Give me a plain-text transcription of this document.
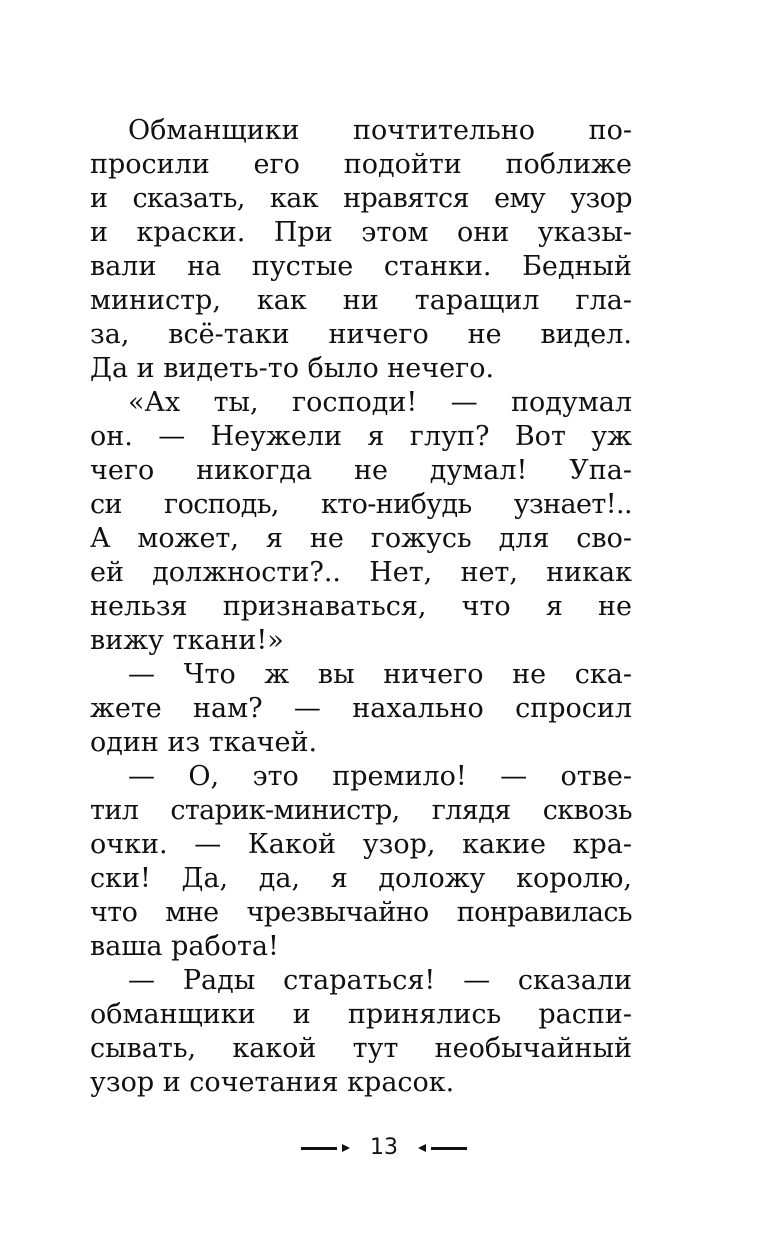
Обманщики почтительно по-
просили его подойти поближе
и сказать, как нравятся ему узор
и краски. При этом они указы-
вали на пустые станки. Бедный
министр, как ни таращил гла-
за, всё-таки ничего не видел.
Да и видеть-то было нечего.
«Ах ты, господи! — подумал
он. — Неужели я глуп? Вот уж
чего никогда не думал! Упа-
си господь, кто-нибудь узнает!..
А может, я не гожусь для сво-
ей должности?.. Нет, нет, никак
нельзя признаваться, что я не
вижу ткани!»
— Что ж вы ничего не ска-
жете нам? — нахально спросил
один из ткачей.
— О, это премило! — отве-
тил старик-министр, глядя сквозь
очки. — Какой узор, какие кра-
ски! Да, да, я доложу королю,
что мне чрезвычайно понравилась
ваша работа!
— Рады стараться! — сказали
обманщики и принялись распи-
сывать, какой тут необычайный
узор и сочетания красок.
13
